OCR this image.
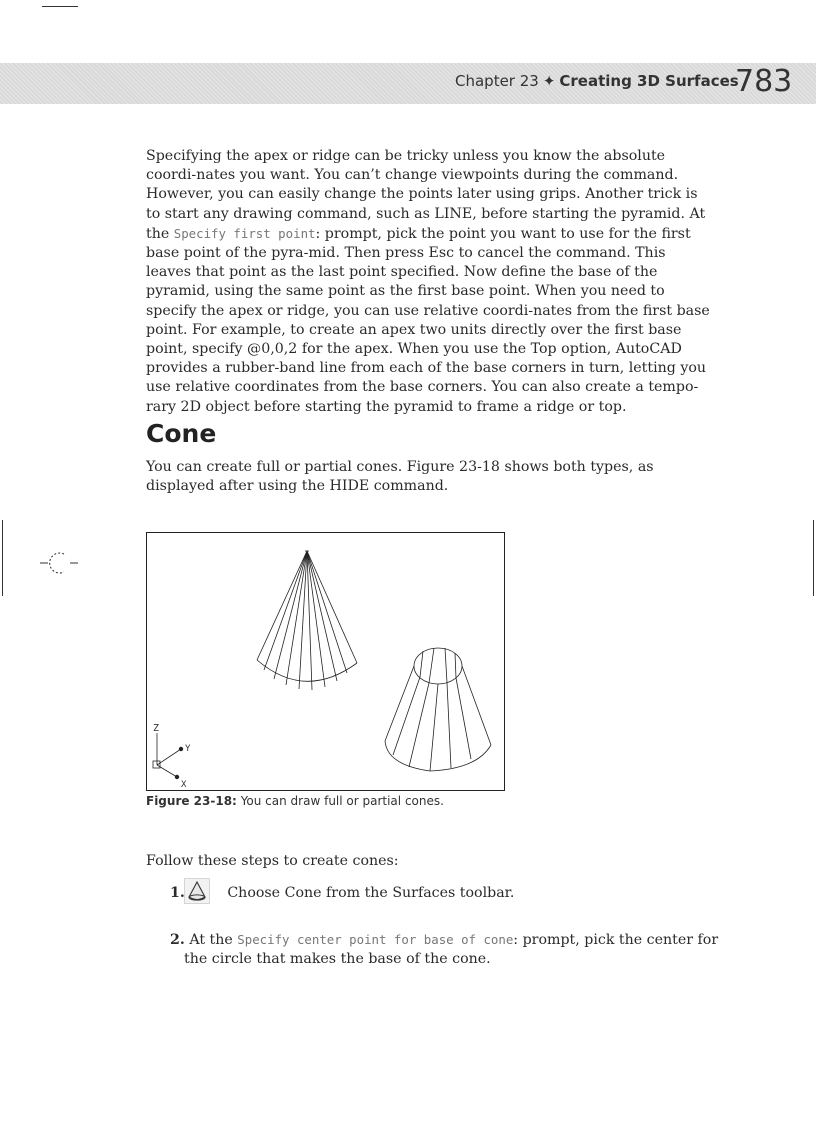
Chapter 23 ✦ Creating 3D Surfaces
783
Specifying the apex or ridge can be tricky unless you know the absolute coordi-nates you want. You can’t change viewpoints during the command. However, you can easily change the points later using grips. Another trick is to start any drawing command, such as LINE, before starting the pyramid. At the Specify first point: prompt, pick the point you want to use for the first base point of the pyra-mid. Then press Esc to cancel the command. This leaves that point as the last point specified. Now define the base of the pyramid, using the same point as the first base point. When you need to specify the apex or ridge, you can use relative coordi-nates from the first base point. For example, to create an apex two units directly over the first base point, specify @0,0,2 for the apex. When you use the Top option, AutoCAD provides a rubber-band line from each of the base corners in turn, letting you use relative coordinates from the base corners. You can also create a tempo-rary 2D object before starting the pyramid to frame a ridge or top.
Cone
You can create full or partial cones. Figure 23-18 shows both types, as displayed after using the HIDE command.
Z
Y
X
Figure 23-18: You can draw full or partial cones.
Follow these steps to create cones:
1.	Choose Cone from the Surfaces toolbar.
2. At the Specify center point for base of cone: prompt, pick the center for the circle that makes the base of the cone.
